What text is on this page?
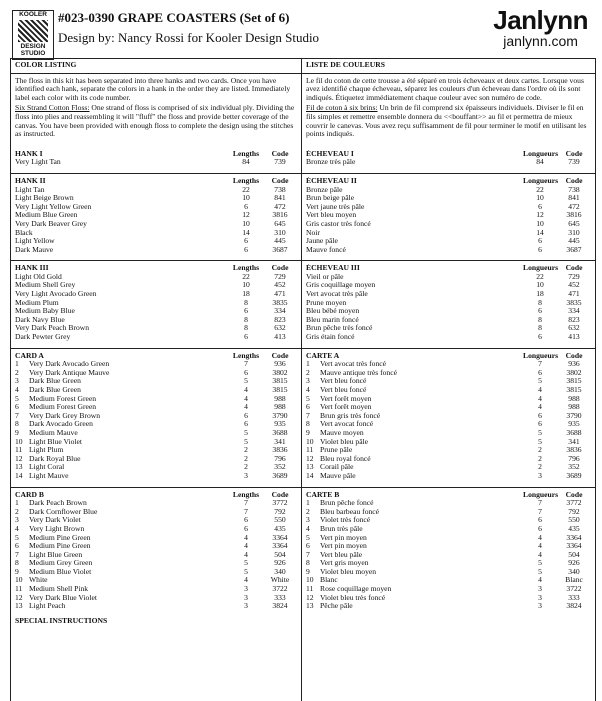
KOOLER
DESIGN
STUDIO
#023-0390 GRAPE COASTERS (Set of 6)
Design by: Nancy Rossi for Kooler Design Studio
Janlynn
janlynn.com
COLOR LISTING

The floss in this kit has been separated into three hanks and two cards. Once you have identified each hank, separate the colors in a hank in the order they are listed. Immediately label each color with its code number.

Six Strand Cotton Floss: One strand of floss is comprised of six individual ply. Dividing the floss into plies and reassembling it will "fluff" the floss and provide better coverage of the canvas. You have been provided with enough floss to complete the design using the stitches as instructed.

HANK I	Lengths	Code
Very Light Tan	84	739
HANK II	Lengths	Code
Light Tan	22	738
Light Beige Brown	10	841
Very Light Yellow Green	6	472
Medium Blue Green	12	3816
Very Dark Beaver Grey	10	645
Black	14	310
Light Yellow	6	445
Dark Mauve	6	3687
HANK III	Lengths	Code
Light Old Gold	22	729
Medium Shell Grey	10	452
Very Light Avocado Green	18	471
Medium Plum	8	3835
Medium Baby Blue	6	334
Dark Navy Blue	8	823
Very Dark Peach Brown	8	632
Dark Pewter Grey	6	413
CARD A	Lengths	Code
1	Very Dark Avocado Green	7	936
2	Very Dark Antique Mauve	6	3802
3	Dark Blue Green	5	3815
4	Dark Blue Green	4	3815
5	Medium Forest Green	4	988
6	Medium Forest Green	4	988
7	Very Dark Grey Brown	6	3790
8	Dark Avocado Green	6	935
9	Medium Mauve	5	3688
10 Light Blue Violet	5	341
11 Light Plum	2	3836
12 Dark Royal Blue	2	796
13 Light Coral	2	352
14 Light Mauve	3	3689
CARD B	Lengths	Code
1	Dark Peach Brown	7	3772
2	Dark Cornflower Blue	7	792
3	Very Dark Violet	6	550
4	Very Light Brown	6	435
5	Medium Pine Green	4	3364
6	Medium Pine Green	4	3364
7	Light Blue Green	4	504
8	Medium Grey Green	5	926
9	Medium Blue Violet	5	340
10 White	4	White
11 Medium Shell Pink	3	3722
12 Very Dark Blue Violet	3	333
13 Light Peach	3	3824
SPECIAL INSTRUCTIONS
LISTE DE COULEURS

Le fil du coton de cette trousse a été séparé en trois écheveaux et deux cartes. Lorsque vous avez identifié chaque écheveau, séparez les couleurs d'un écheveau dans l'ordre où ils sont indiqués. Étiquetez immédiatement chaque couleur avec son numéro de code.

Fil de coton à six brins: Un brin de fil comprend six épaisseurs individuels. Diviser le fil en fils simples et remettre ensemble donnera du <<bouffant>> au fil et permettra de mieux couvrir le canevas. Vous avez reçu suffisamment de fil pour terminer le motif en utilisant les points indiqués.

ÉCHEVEAU I	Longueurs Code
Bronze très pâle	84	739
ÉCHEVEAU II	Longueurs Code
Bronze pâle	22	738
Brun beige pâle	10	841
Vert jaune très pâle	6	472
Vert bleu moyen	12	3816
Gris castor très foncé	10	645
Noir	14	310
Jaune pâle	6	445
Mauve foncé	6	3687
ÉCHEVEAU III	Longueurs Code
Vieil or pâle	22	729
Gris coquillage moyen	10	452
Vert avocat très pâle	18	471
Prune moyen	8	3835
Bleu bébé moyen	6	334
Bleu marin foncé	8	823
Brun pêche très foncé	8	632
Gris étain foncé	6	413
CARTE A	Longueurs Code
1	Vert avocat très foncé	7	936
2	Mauve antique très foncé	6	3802
3	Vert bleu foncé	5	3815
4	Vert bleu foncé	4	3815
5	Vert forêt moyen	4	988
6	Vert forêt moyen	4	988
7	Brun gris très foncé	6	3790
8	Vert avocat foncé	6	935
9	Mauve moyen	5	3688
10 Violet bleu pâle	5	341
11 Prune pâle	2	3836
12 Bleu royal foncé	2	796
13 Corail pâle	2	352
14 Mauve pâle	3	3689
CARTE B	Longueurs Code
1	Brun pêche foncé	7	3772
2	Bleu barbeau foncé	7	792
3	Violet très foncé	6	550
4	Brun très pâle	6	435
5	Vert pin moyen	4	3364
6	Vert pin moyen	4	3364
7	Vert bleu pâle	4	504
8	Vert gris moyen	5	926
9	Violet bleu moyen	5	340
10 Blanc	4	Blanc
11 Rose coquillage moyen	3	3722
12 Violet bleu très foncé	3	333
13 Pêche pâle	3	3824
